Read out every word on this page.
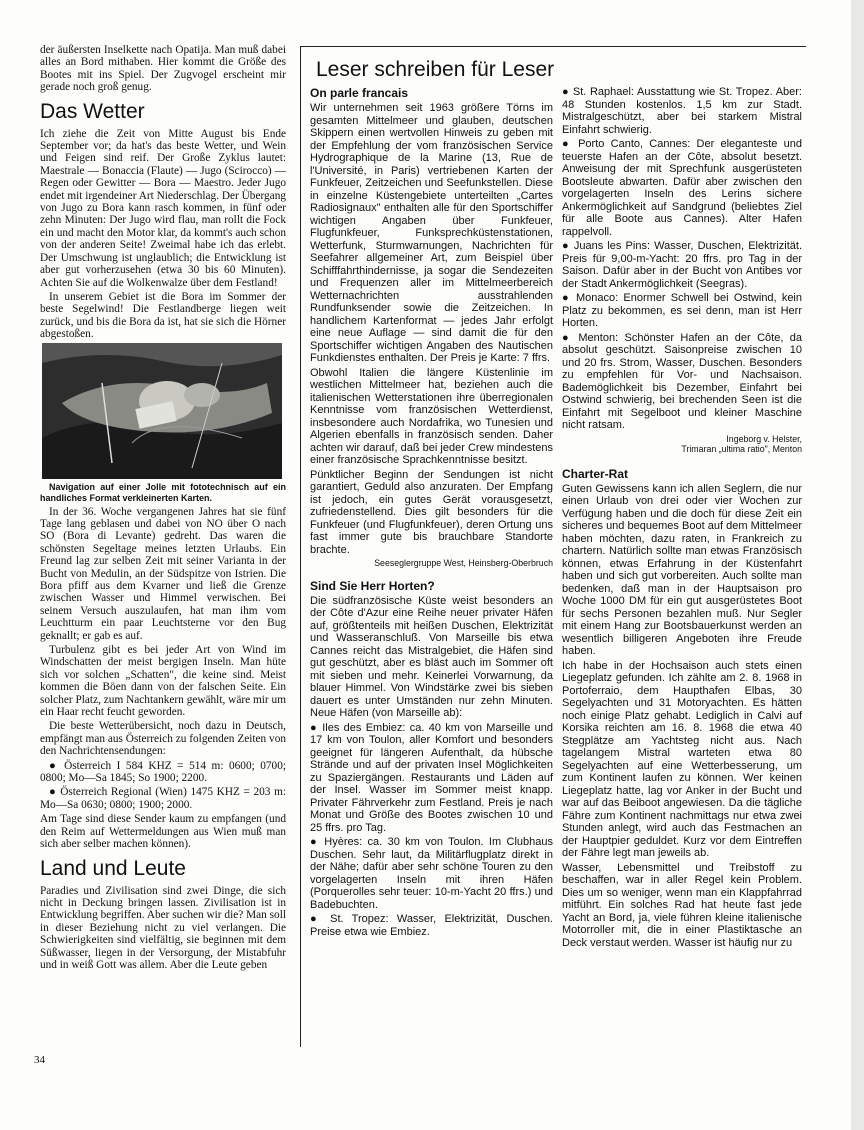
der äußersten Inselkette nach Opatija. Man muß dabei alles an Bord mithaben. Hier kommt die Größe des Bootes mit ins Spiel. Der Zugvogel erscheint mir gerade noch groß genug.

Das Wetter

Ich ziehe die Zeit von Mitte August bis Ende September vor; da hat's das beste Wetter, und Wein und Feigen sind reif. Der Große Zyklus lautet: Maestrale — Bonaccia (Flaute) — Jugo (Scirocco) — Regen oder Gewitter — Bora — Maestro. Jeder Jugo endet mit irgendeiner Art Niederschlag. Der Übergang von Jugo zu Bora kann rasch kommen, in fünf oder zehn Minuten: Der Jugo wird flau, man rollt die Fock ein und macht den Motor klar, da kommt's auch schon von der anderen Seite! Zweimal habe ich das erlebt. Der Umschwung ist unglaublich; die Entwicklung ist aber gut vorherzusehen (etwa 30 bis 60 Minuten). Achten Sie auf die Wolkenwalze über dem Festland!

In unserem Gebiet ist die Bora im Sommer der beste Segelwind! Die Festlandberge liegen weit zurück, und bis die Bora da ist, hat sie sich die Hörner abgestoßen.

Navigation auf einer Jolle mit fototechnisch auf ein handliches Format verkleinerten Karten.

In der 36. Woche vergangenen Jahres hat sie fünf Tage lang geblasen und dabei von NO über O nach SO (Bora di Levante) gedreht. Das waren die schönsten Segeltage meines letzten Urlaubs. Ein Freund lag zur selben Zeit mit seiner Varianta in der Bucht von Medulin, an der Südspitze von Istrien. Die Bora pfiff aus dem Kvarner und ließ die Grenze zwischen Wasser und Himmel verwischen. Bei seinem Versuch auszulaufen, hat man ihm vom Leuchtturm ein paar Leuchtsterne vor den Bug geknallt; er gab es auf.

Turbulenz gibt es bei jeder Art von Wind im Windschatten der meist bergigen Inseln. Man hüte sich vor solchen „Schatten", die keine sind. Meist kommen die Böen dann von der falschen Seite. Ein solcher Platz, zum Nachtankern gewählt, wäre mir um ein Haar recht feucht geworden.

Die beste Wetterübersicht, noch dazu in Deutsch, empfängt man aus Österreich zu folgenden Zeiten von den Nachrichtensendungen:

● Österreich I 584 KHZ = 514 m: 0600; 0700; 0800; Mo—Sa 1845; So 1900; 2200.

● Österreich Regional (Wien) 1475 KHZ = 203 m: Mo—Sa 0630; 0800; 1900; 2000.

Am Tage sind diese Sender kaum zu empfangen (und den Reim auf Wettermeldungen aus Wien muß man sich aber selber machen können).

Land und Leute

Paradies und Zivilisation sind zwei Dinge, die sich nicht in Deckung bringen lassen. Zivilisation ist in Entwicklung begriffen. Aber suchen wir die? Man soll in dieser Beziehung nicht zu viel verlangen. Die Schwierigkeiten sind vielfältig, sie beginnen mit dem Süßwasser, liegen in der Versorgung, der Mistabfuhr und in weiß Gott was allem. Aber die Leute geben

34
Leser schreiben für Leser
On parle francais

Wir unternehmen seit 1963 größere Törns im gesamten Mittelmeer und glauben, deutschen Skippern einen wertvollen Hinweis zu geben mit der Empfehlung der vom französischen Service Hydrographique de la Marine (13, Rue de l'Université, in Paris) vertriebenen Karten der Funkfeuer, Zeitzeichen und Seefunkstellen. Diese in einzelne Küstengebiete unterteilten „Cartes Radiosignaux" enthalten alle für den Sportschiffer wichtigen Angaben über Funkfeuer, Flugfunkfeuer, Funksprechküstenstationen, Wetterfunk, Sturmwarnungen, Nachrichten für Seefahrer allgemeiner Art, zum Beispiel über Schifffahrthindernisse, ja sogar die Sendezeiten und Frequenzen aller im Mittelmeerbereich Wetternachrichten ausstrahlenden Rundfunksender sowie die Zeitzeichen. In handlichem Kartenformat — jedes Jahr erfolgt eine neue Auflage — sind damit die für den Sportschiffer wichtigen Angaben des Nautischen Funkdienstes enthalten. Der Preis je Karte: 7 ffrs.

Obwohl Italien die längere Küstenlinie im westlichen Mittelmeer hat, beziehen auch die italienischen Wetterstationen ihre überregionalen Kenntnisse vom französischen Wetterdienst, insbesondere auch Nordafrika, wo Tunesien und Algerien ebenfalls in französisch senden. Daher achten wir darauf, daß bei jeder Crew mindestens einer französische Sprachkenntnisse besitzt.

Pünktlicher Beginn der Sendungen ist nicht garantiert, Geduld also anzuraten. Der Empfang ist jedoch, ein gutes Gerät vorausgesetzt, zufriedenstellend. Dies gilt besonders für die Funkfeuer (und Flugfunkfeuer), deren Ortung uns fast immer gute bis brauchbare Standorte brachte.

Seeseglergruppe West, Heinsberg-Oberbruch

Sind Sie Herr Horten?

Die südfranzösische Küste weist besonders an der Côte d'Azur eine Reihe neuer privater Häfen auf, größtenteils mit heißen Duschen, Elektrizität und Wasseranschluß. Von Marseille bis etwa Cannes reicht das Mistralgebiet, die Häfen sind gut geschützt, aber es bläst auch im Sommer oft mit sieben und mehr. Keinerlei Vorwarnung, da blauer Himmel. Von Windstärke zwei bis sieben dauert es unter Umständen nur zehn Minuten. Neue Häfen (von Marseille ab):

● Iles des Embiez: ca. 40 km von Marseille und 17 km von Toulon, aller Komfort und besonders geeignet für längeren Aufenthalt, da hübsche Strände und auf der privaten Insel Möglichkeiten zu Spaziergängen. Restaurants und Läden auf der Insel. Wasser im Sommer meist knapp. Privater Fährverkehr zum Festland. Preis je nach Monat und Größe des Bootes zwischen 10 und 25 ffrs. pro Tag.

● Hyères: ca. 30 km von Toulon. Im Clubhaus Duschen. Sehr laut, da Militärflugplatz direkt in der Nähe; dafür aber sehr schöne Touren zu den vorgelagerten Inseln mit ihren Häfen (Porquerolles sehr teuer: 10-m-Yacht 20 ffrs.) und Badebuchten.

● St. Tropez: Wasser, Elektrizität, Duschen. Preise etwa wie Embiez.

● St. Raphael: Ausstattung wie St. Tropez. Aber: 48 Stunden kostenlos. 1,5 km zur Stadt. Mistralgeschützt, aber bei starkem Mistral Einfahrt schwierig.

● Porto Canto, Cannes: Der eleganteste und teuerste Hafen an der Côte, absolut besetzt. Anweisung der mit Sprechfunk ausgerüsteten Bootsleute abwarten. Dafür aber zwischen den vorgelagerten Inseln des Lerins sichere Ankermöglichkeit auf Sandgrund (beliebtes Ziel für alle Boote aus Cannes). Alter Hafen rappelvoll.

● Juans les Pins: Wasser, Duschen, Elektrizität. Preis für 9,00-m-Yacht: 20 ffrs. pro Tag in der Saison. Dafür aber in der Bucht von Antibes vor der Stadt Ankermöglichkeit (Seegras).

● Monaco: Enormer Schwell bei Ostwind, kein Platz zu bekommen, es sei denn, man ist Herr Horten.

● Menton: Schönster Hafen an der Côte, da absolut geschützt. Saisonpreise zwischen 10 und 20 frs. Strom, Wasser, Duschen. Besonders zu empfehlen für Vor- und Nachsaison. Bademöglichkeit bis Dezember, Einfahrt bei Ostwind schwierig, bei brechenden Seen ist die Einfahrt mit Segelboot und kleiner Maschine nicht ratsam.

Ingeborg v. Helster,

Trimaran „ultima ratio", Menton

Charter-Rat

Guten Gewissens kann ich allen Seglern, die nur einen Urlaub von drei oder vier Wochen zur Verfügung haben und die doch für diese Zeit ein sicheres und bequemes Boot auf dem Mittelmeer haben möchten, dazu raten, in Frankreich zu chartern. Natürlich sollte man etwas Französisch können, etwas Erfahrung in der Küstenfahrt haben und sich gut vorbereiten. Auch sollte man bedenken, daß man in der Hauptsaison pro Woche 1000 DM für ein gut ausgerüstetes Boot für sechs Personen bezahlen muß. Nur Segler mit einem Hang zur Bootsbauerkunst werden an wesentlich billigeren Angeboten ihre Freude haben.

Ich habe in der Hochsaison auch stets einen Liegeplatz gefunden. Ich zählte am 2. 8. 1968 in Portoferraio, dem Haupthafen Elbas, 30 Segelyachten und 31 Motoryachten. Es hätten noch einige Platz gehabt. Lediglich in Calvi auf Korsika reichten am 16. 8. 1968 die etwa 40 Stegplätze am Yachtsteg nicht aus. Nach tagelangem Mistral warteten etwa 80 Segelyachten auf eine Wetterbesserung, um zum Kontinent laufen zu können. Wer keinen Liegeplatz hatte, lag vor Anker in der Bucht und war auf das Beiboot angewiesen. Da die tägliche Fähre zum Kontinent nachmittags nur etwa zwei Stunden anlegt, wird auch das Festmachen an der Hauptpier geduldet. Kurz vor dem Eintreffen der Fähre legt man jeweils ab.

Wasser, Lebensmittel und Treibstoff zu beschaffen, war in aller Regel kein Problem. Dies um so weniger, wenn man ein Klappfahrrad mitführt. Ein solches Rad hat heute fast jede Yacht an Bord, ja, viele führen kleine italienische Motorroller mit, die in einer Plastiktasche an Deck verstaut werden. Wasser ist häufig nur zu
